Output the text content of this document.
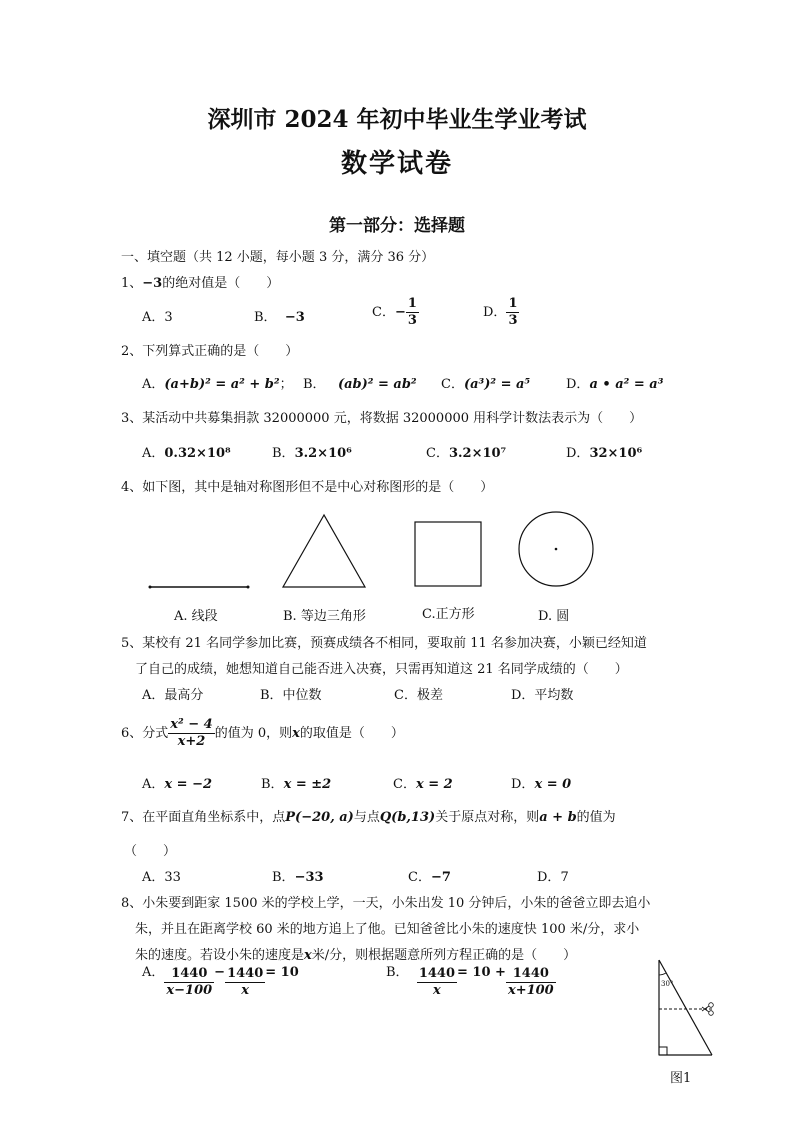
深圳市 2024 年初中毕业生学业考试
数学试卷
第一部分：选择题
一、填空题（共 12 小题，每小题 3 分，满分 36 分）
1、−3的绝对值是（　　）
A．3	B． −3	C．− $\frac{1}{3}$	D． $\frac{1}{3}$
2、下列算式正确的是（　　）
A．(a+b)² = a² + b²； B． (ab)² = ab² C．(a³)² = a⁵	D．a • a² = a³
3、某活动中共募集捐款 32000000 元，将数据 32000000 用科学计数法表示为（　　）
A．0.32×10⁸	B．3.2×10⁶	C．3.2×10⁷	D．32×10⁶
4、如下图，其中是轴对称图形但不是中心对称图形的是（　　）
A. 线段	B. 等边三角形	C.正方形	D. 圆
5、某校有 21 名同学参加比赛，预赛成绩各不相同，要取前 11 名参加决赛，小颖已经知道
了自己的成绩，她想知道自己能否进入决赛，只需再知道这 21 名同学成绩的（　　）
A．最高分	B．中位数	C．极差	D．平均数
6、分式 $\frac{\text{x² − 4}}{x+2}$ 的值为 0，则x的取值是（　　）
A．x = −2	B．x = ±2	C．x = 2	D．x = 0
7、在平面直角坐标系中，点P(−20, a)与点Q(b,13)关于原点对称，则a + b的值为
（　　）
A．33	B．−33	C．−7	D．7
8、小朱要到距家 1500 米的学校上学，一天，小朱出发 10 分钟后，小朱的爸爸立即去追小
朱，并且在距离学校 60 米的地方追上了他。已知爸爸比小朱的速度快 100 米/分，求小
朱的速度。若设小朱的速度是x米/分，则根据题意所列方程正确的是（　　）
A． $\frac{1440}{x-100} - \frac{1440}{x} = 10$	B． $\frac{1440}{x} = 10 + \frac{1440}{x+100}$	30°
图1
